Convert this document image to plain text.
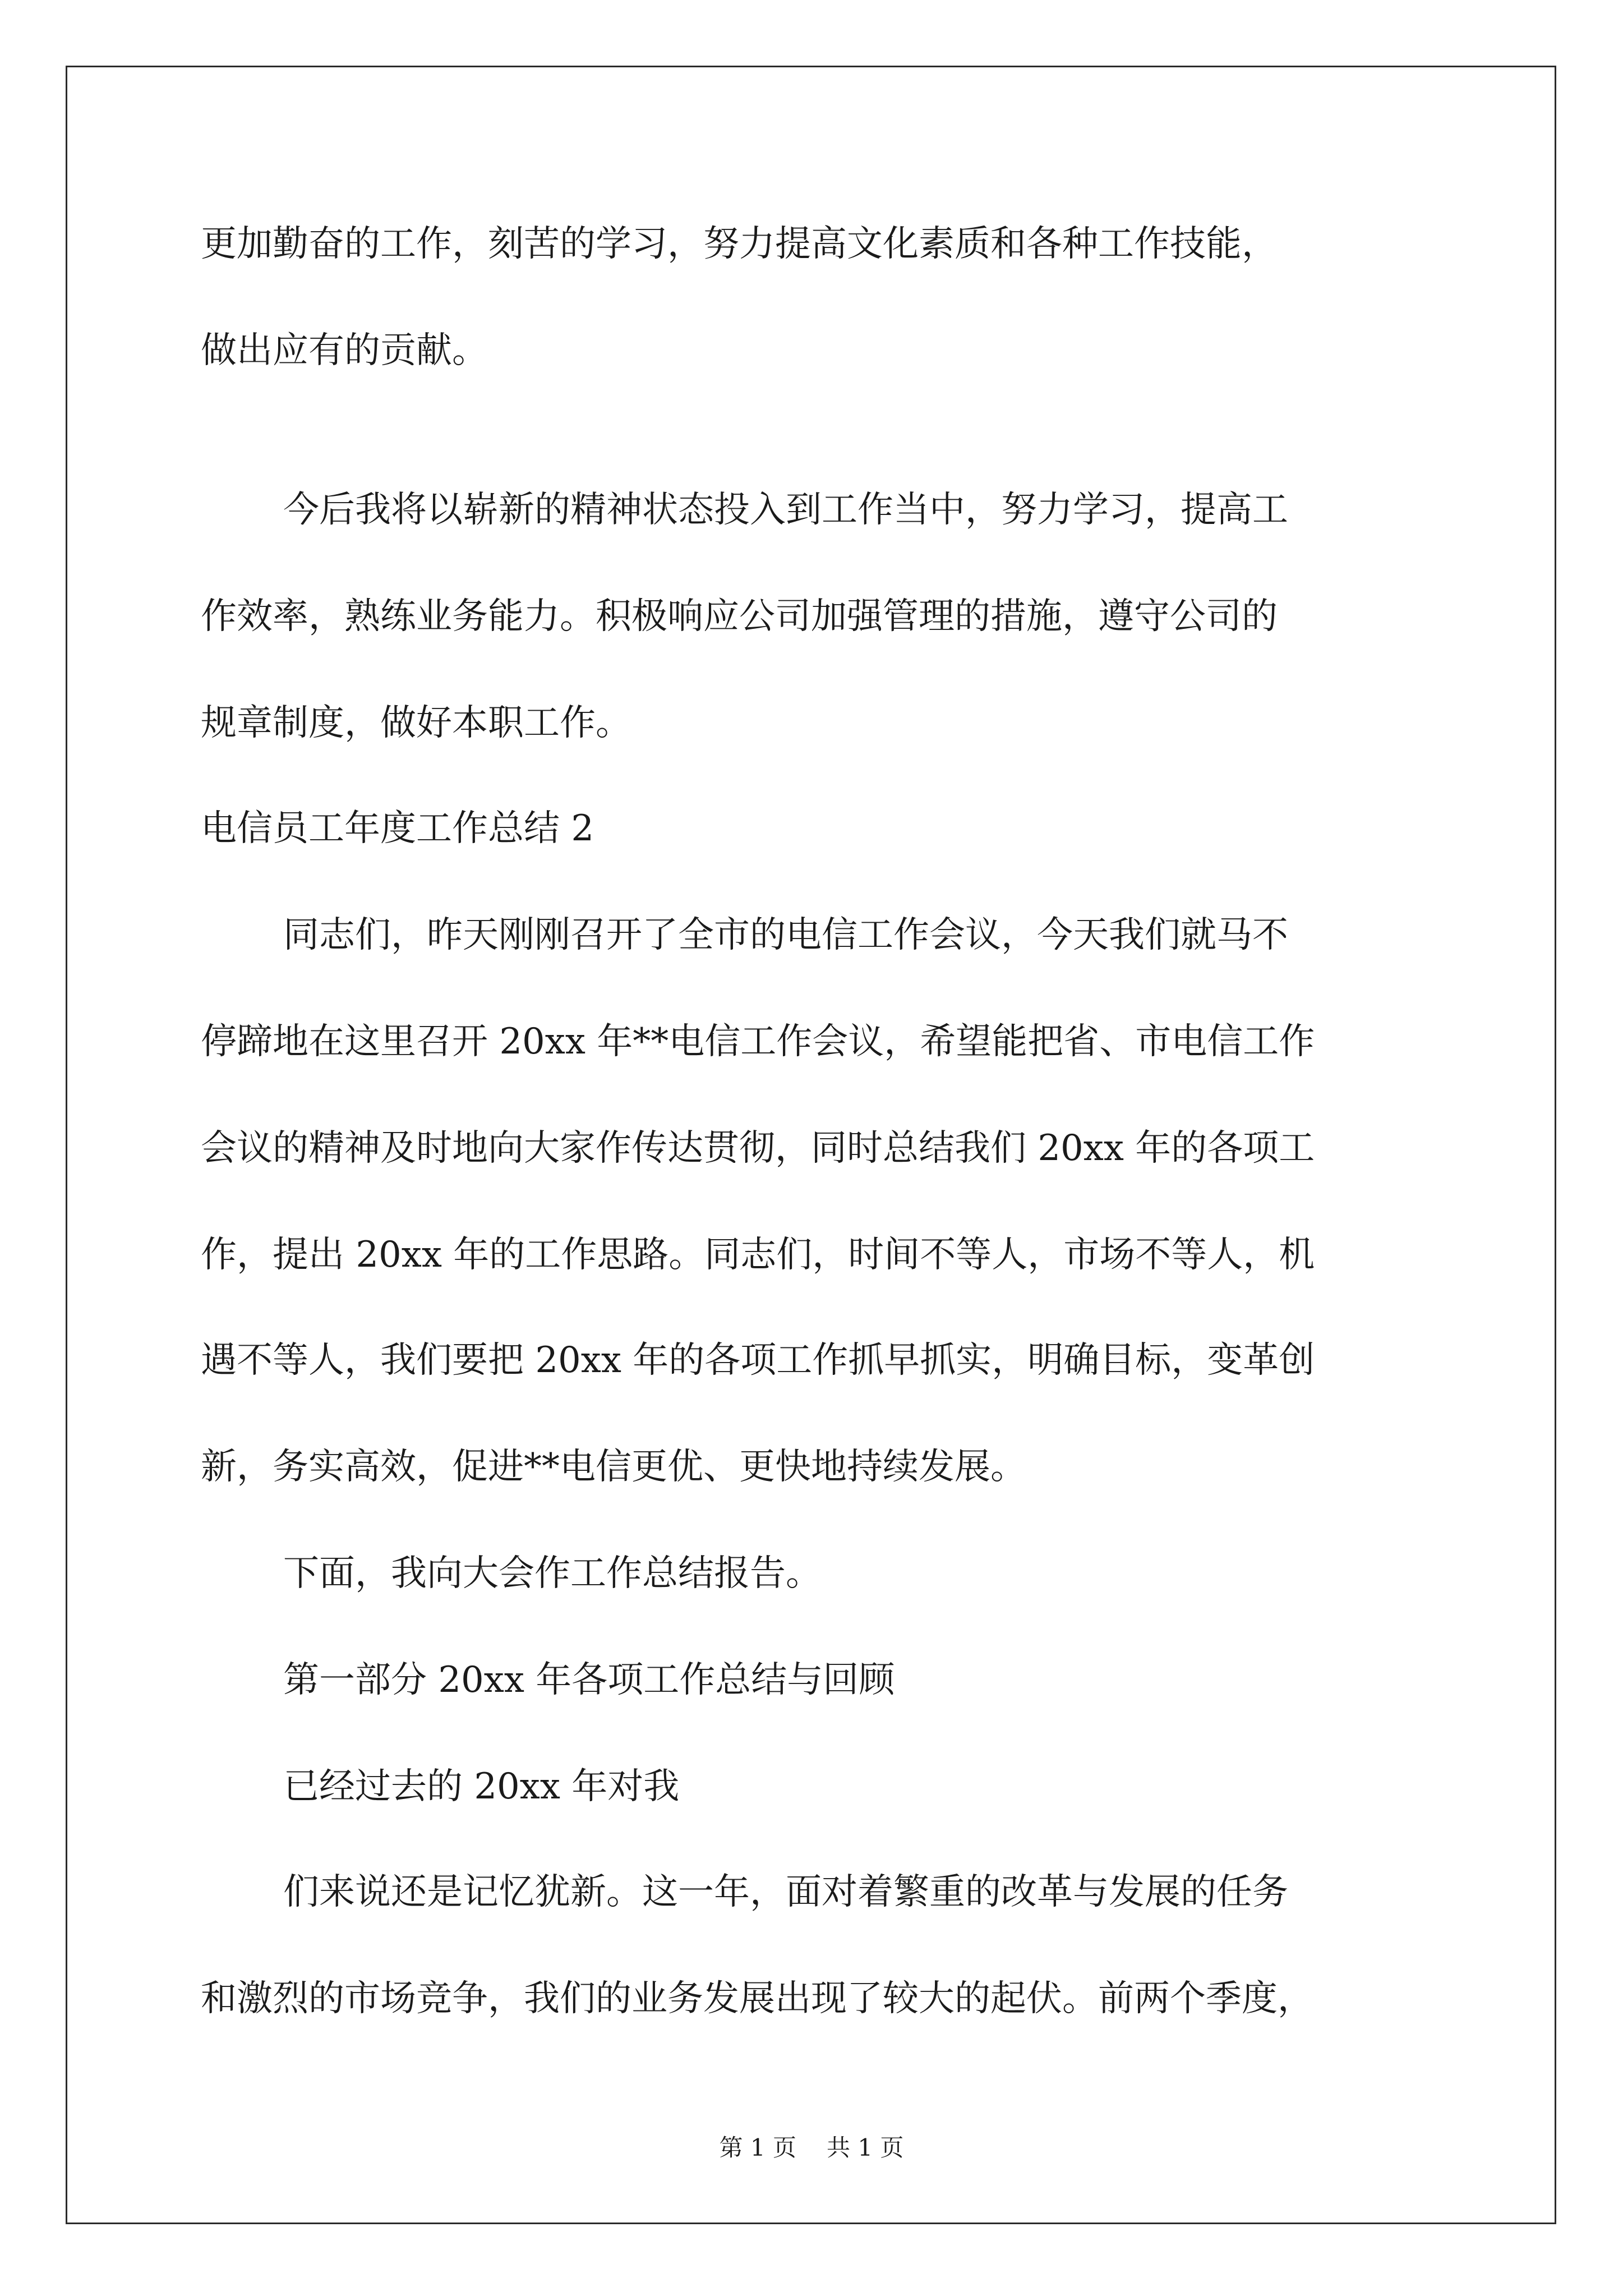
更加勤奋的工作，刻苦的学习，努力提高文化素质和各种工作技能，

做出应有的贡献。

今后我将以崭新的精神状态投入到工作当中，努力学习，提高工

作效率，熟练业务能力。积极响应公司加强管理的措施，遵守公司的

规章制度，做好本职工作。

电信员工年度工作总结 2

同志们，昨天刚刚召开了全市的电信工作会议，今天我们就马不

停蹄地在这里召开 20xx 年**电信工作会议，希望能把省、市电信工作

会议的精神及时地向大家作传达贯彻，同时总结我们 20xx 年的各项工

作，提出 20xx 年的工作思路。同志们，时间不等人，市场不等人，机

遇不等人，我们要把 20xx 年的各项工作抓早抓实，明确目标，变革创

新，务实高效，促进**电信更优、更快地持续发展。

下面，我向大会作工作总结报告。

第一部分 20xx 年各项工作总结与回顾

已经过去的 20xx 年对我

们来说还是记忆犹新。这一年，面对着繁重的改革与发展的任务

和激烈的市场竞争，我们的业务发展出现了较大的起伏。前两个季度，

第 1 页 共 1 页
